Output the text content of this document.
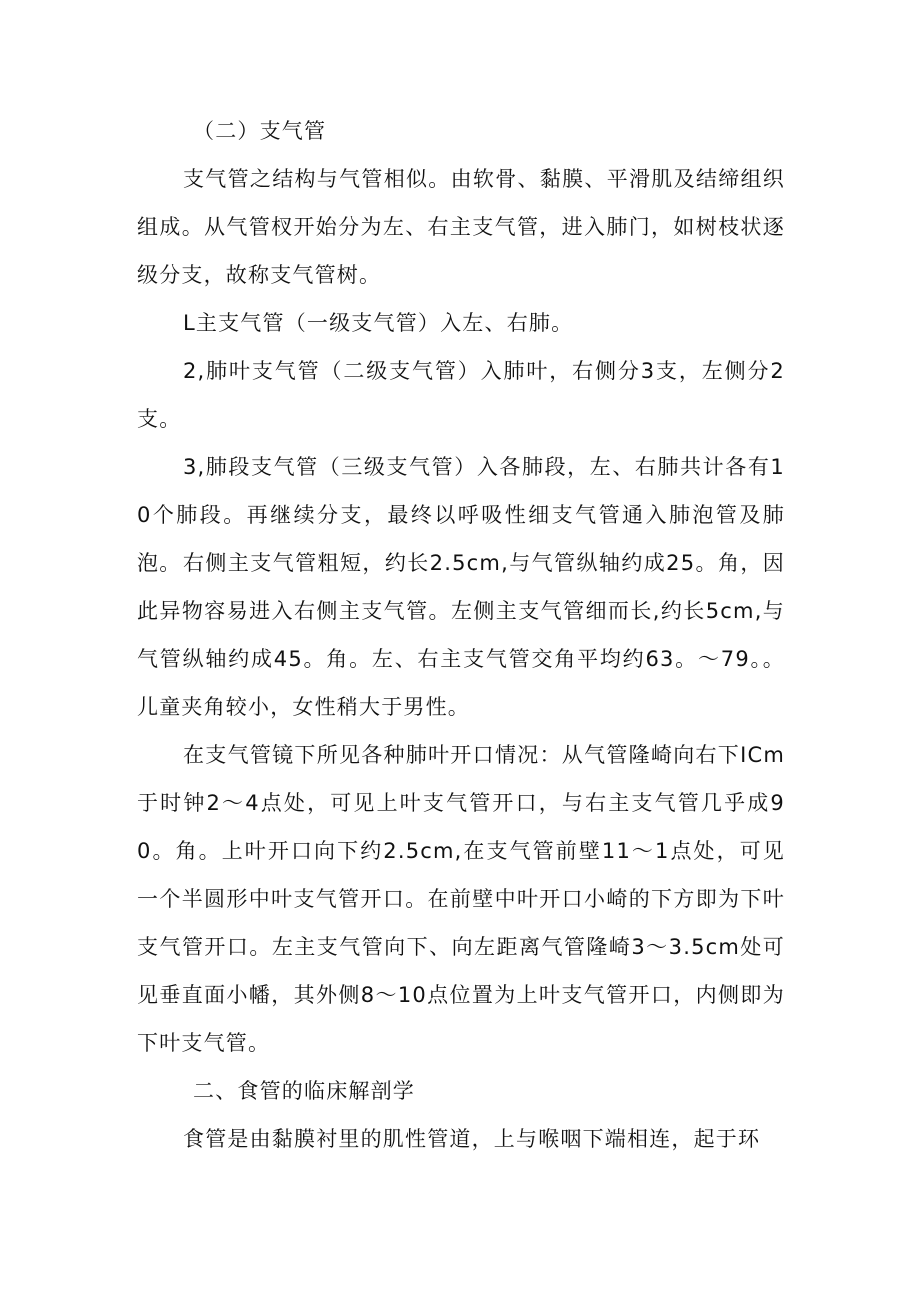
（二）支气管

支气管之结构与气管相似。由软骨、黏膜、平滑肌及结缔组织组成。从气管杈开始分为左、右主支气管，进入肺门，如树枝状逐级分支，故称支气管树。

L主支气管（一级支气管）入左、右肺。

2,肺叶支气管（二级支气管）入肺叶，右侧分3支，左侧分2支。

3,肺段支气管（三级支气管）入各肺段，左、右肺共计各有10个肺段。再继续分支，最终以呼吸性细支气管通入肺泡管及肺泡。 右侧主支气管粗短，约长2.5cm,与气管纵轴约成25。角，因此异物容易进入右侧主支气管。左侧主支气管细而长,约长5cm,与气管纵轴约成45。角。左、右主支气管交角平均约63。～79。。儿童夹角较小，女性稍大于男性。

在支气管镜下所见各种肺叶开口情况：从气管隆崎向右下ICm于时钟2～4点处，可见上叶支气管开口，与右主支气管几乎成90。角。上叶开口向下约2.5cm,在支气管前壁11～1点处，可见一个半圆形中叶支气管开口。在前壁中叶开口小崎的下方即为下叶支气管开口。左主支气管向下、向左距离气管隆崎3～3.5cm处可见垂直面小幡，其外侧8～10点位置为上叶支气管开口，内侧即为下叶支气管。

二、食管的临床解剖学

食管是由黏膜衬里的肌性管道，上与喉咽下端相连，起于环
